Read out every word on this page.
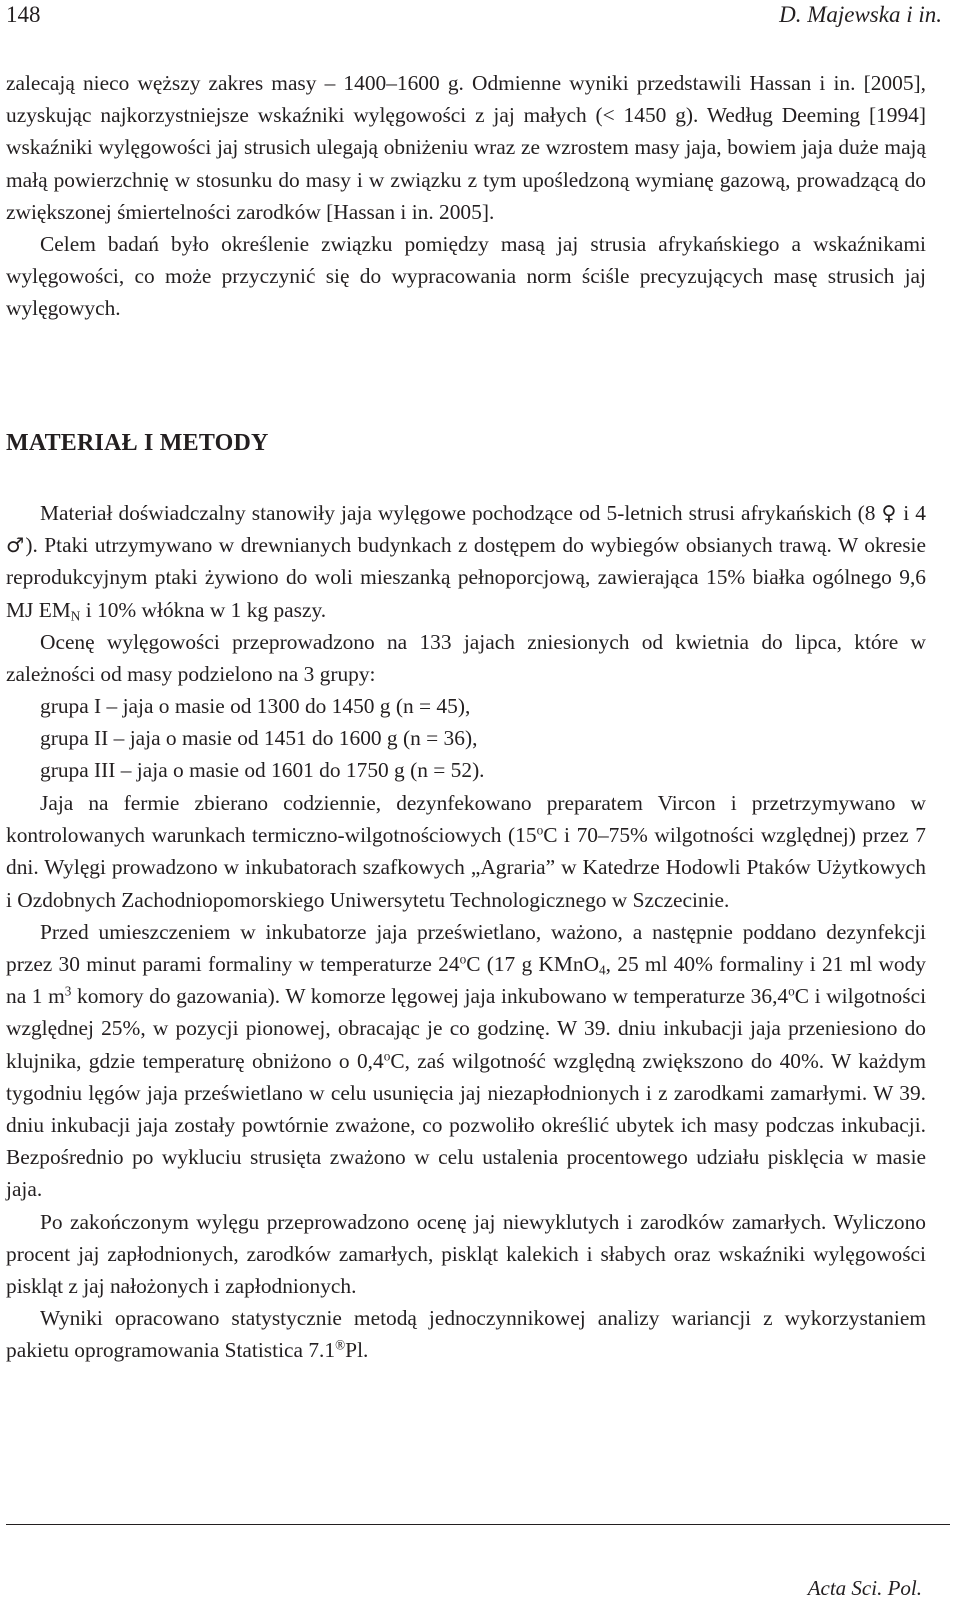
148	D. Majewska i in.

zalecają nieco węższy zakres masy – 1400–1600 g. Odmienne wyniki przedstawili Hassan i in. [2005], uzyskując najkorzystniejsze wskaźniki wylęgowości z jaj małych (< 1450 g). Według Deeming [1994] wskaźniki wylęgowości jaj strusich ulegają obniżeniu wraz ze wzrostem masy jaja, bowiem jaja duże mają małą powierzchnię w stosunku do masy i w związku z tym upośledzoną wymianę gazową, prowadzącą do zwiększonej śmiertelności zarodków [Hassan i in. 2005].

Celem badań było określenie związku pomiędzy masą jaj strusia afrykańskiego a wskaźnikami wylęgowości, co może przyczynić się do wypracowania norm ściśle precyzujących masę strusich jaj wylęgowych.

MATERIAŁ I METODY

Materiał doświadczalny stanowiły jaja wylęgowe pochodzące od 5-letnich strusi afrykańskich (8 ♀ i 4 ♂). Ptaki utrzymywano w drewnianych budynkach z dostępem do wybiegów obsianych trawą. W okresie reprodukcyjnym ptaki żywiono do woli mieszanką pełnoporcjową, zawierająca 15% białka ogólnego 9,6 MJ $EM_N$ i 10% włókna w 1 kg paszy.

Ocenę wylęgowości przeprowadzono na 133 jajach zniesionych od kwietnia do lipca, które w zależności od masy podzielono na 3 grupy:

grupa I – jaja o masie od 1300 do 1450 g (n = 45),
grupa II – jaja o masie od 1451 do 1600 g (n = 36),
grupa III – jaja o masie od 1601 do 1750 g (n = 52).

Jaja na fermie zbierano codziennie, dezynfekowano preparatem Vircon i przetrzymywano w kontrolowanych warunkach termiczno-wilgotnościowych (15$^o$C i 70–75% wilgotności względnej) przez 7 dni. Wylęgi prowadzono w inkubatorach szafkowych „Agraria” w Katedrze Hodowli Ptaków Użytkowych i Ozdobnych Zachodniopomorskiego Uniwersytetu Technologicznego w Szczecinie.

Przed umieszczeniem w inkubatorze jaja prześwietlano, ważono, a następnie poddano dezynfekcji przez 30 minut parami formaliny w temperaturze 24$^o$C (17 g KMnO$_4$, 25 ml 40% formaliny i 21 ml wody na 1 $m^3$ komory do gazowania). W komorze lęgowej jaja inkubowano w temperaturze 36,4$^o$C i wilgotności względnej 25%, w pozycji pionowej, obracając je co godzinę. W 39. dniu inkubacji jaja przeniesiono do klujnika, gdzie temperaturę obniżono o 0,4$^o$C, zaś wilgotność względną zwiększono do 40%. W każdym tygodniu lęgów jaja prześwietlano w celu usunięcia jaj niezapłodnionych i z zarodkami zamarłymi. W 39. dniu inkubacji jaja zostały powtórnie zważone, co pozwoliło określić ubytek ich masy podczas inkubacji. Bezpośrednio po wykluciu strusięta zważono w celu ustalenia procentowego udziału pisklęcia w masie jaja.

Po zakończonym wylęgu przeprowadzono ocenę jaj niewyklutych i zarodków zamarłych. Wyliczono procent jaj zapłodnionych, zarodków zamarłych, piskląt kalekich i słabych oraz wskaźniki wylęgowości piskląt z jaj nałożonych i zapłodnionych.

Wyniki opracowano statystycznie metodą jednoczynnikowej analizy wariancji z wykorzystaniem pakietu oprogramowania Statistica 7.1®Pl.

Acta Sci. Pol.
